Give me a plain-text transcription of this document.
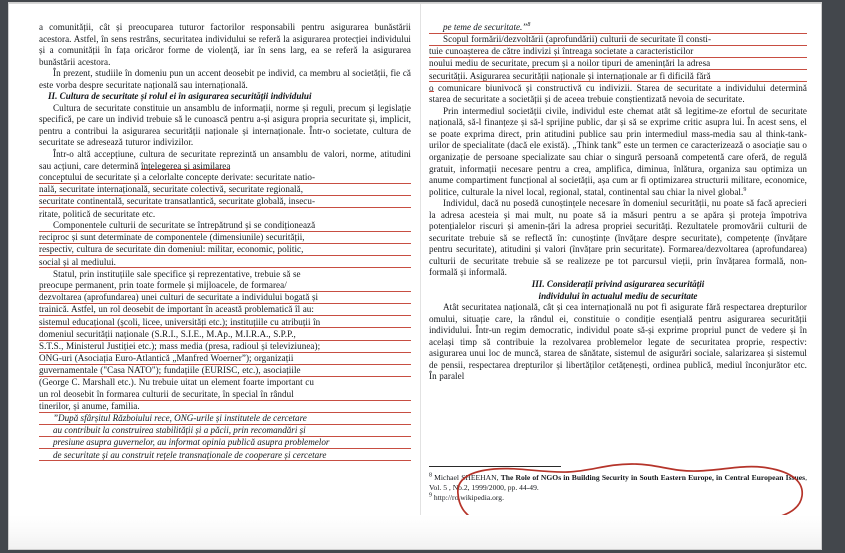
a comunității, cât și preocuparea tuturor factorilor responsabili pentru asigurarea bunăstării acestora. Astfel, în sens restrâns, securitatea individului se referă la asigurarea protecției individului și a comunității în fața oricăror forme de violență, iar în sens larg, ea se referă la asigurarea bunăstării acestora.

În prezent, studiile în domeniu pun un accent deosebit pe individ, ca membru al societății, fie că este vorba despre securitate națională sau internațională.

II. Cultura de securitate și rolul ei în asigurarea securității individului

Cultura de securitate constituie un ansamblu de informații, norme și reguli, precum și legislație specifică, pe care un individ trebuie să le cunoască pentru a-și asigura propria securitate și, implicit, pentru a contribui la asigurarea securității naționale și internaționale. Într-o societate, cultura de securitate se adresează tuturor indivizilor.

Într-o altă accepțiune, cultura de securitate reprezintă un ansamblu de valori, norme, atitudini sau acțiuni, care determină înțelegerea și asimilarea

conceptului de securitate și a celorlalte concepte derivate: securitate natio-

nală, securitate internațională, securitate colectivă, securitate regională,

securitate continentală, securitate transatlantică, securitate globală, insecu-

ritate, politică de securitate etc.

Componentele culturii de securitate se întrepătrund și se condiționează

reciproc și sunt determinate de componentele (dimensiunile) securității,

respectiv, cultura de securitate din domeniul: militar, economic, politic,

social și al mediului.

Statul, prin instituțiile sale specifice și reprezentative, trebuie să se

preocupe permanent, prin toate formele și mijloacele, de formarea/

dezvoltarea (aprofundarea) unei culturi de securitate a individului bogată și

trainică. Astfel, un rol deosebit de important în această problematică îl au:

sistemul educațional (școli, licee, universități etc.); instituțiile cu atribuții în

domeniul securității naționale (S.R.I., S.I.E., M.Ap., M.I.R.A., S.P.P.,

S.T.S., Ministerul Justiției etc.); mass media (presa, radioul și televiziunea);

ONG-uri (Asociația Euro-Atlantică „Manfred Woerner”); organizații

guvernamentale ("Casa NATO"); fundațiile (EURISC, etc.), asociațiile

(George C. Marshall etc.). Nu trebuie uitat un element foarte important cu

un rol deosebit în formarea culturii de securitate, în special în rândul

tinerilor, și anume, familia.

”După sfârșitul Războiului rece, ONG-urile și institutele de cercetare

au contribuit la construirea stabilității și a păcii, prin recomandări și

presiune asupra guvernelor, au informat opinia publică asupra problemelor

de securitate și au construit rețele transnaționale de cooperare și cercetare

pe teme de securitate.”$^8$

Scopul formării/dezvoltării (aprofundării) culturii de securitate îl consti-

tuie cunoașterea de către indivizi și întreaga societate a caracteristicilor

noului mediu de securitate, precum și a noilor tipuri de amenințări la adresa

securității. Asigurarea securității naționale și internaționale ar fi dificilă fără

o comunicare biunivocă și constructivă cu indivizii. Starea de securitate a individului determină starea de securitate a societății și de aceea trebuie conștientizată nevoia de securitate.

Prin intermediul societății civile, individul este chemat atât să legitime-ze efortul de securitate națională, să-l finanțeze și să-l sprijine public, dar și să se exprime critic asupra lui. În acest sens, el se poate exprima direct, prin atitudini publice sau prin intermediul mass-media sau al think-tank-urilor de specialitate (dacă ele există). „Think tank” este un termen ce caracterizează o asociație sau o organizație de persoane specializate sau chiar o singură persoană competentă care oferă, de regulă gratuit, informații necesare pentru a crea, amplifica, diminua, înlătura, organiza sau optimiza un anume compartiment funcțional al societății, așa cum ar fi optimizarea structurii militare, economice, politice, culturale la nivel local, regional, statal, continental sau chiar la nivel global.$^9$

Individul, dacă nu posedă cunoștințele necesare în domeniul securității, nu poate să facă aprecieri la adresa acesteia și mai mult, nu poate să ia măsuri pentru a se apăra și proteja împotriva potențialelor riscuri și amenin-țări la adresa propriei securități. Rezultatele promovării culturii de securitate trebuie să se reflectă în: cunoștințe (învățare despre securitate), competențe (învățare pentru securitate), atitudini și valori (învățare prin securitate). Formarea/dezvoltarea (aprofundarea) culturii de securitate trebuie să se realizeze pe tot parcursul vieții, prin învățarea formală, non-formală și informală.

III. Considerații privind asigurarea securității

individului în actualul mediu de securitate

Atât securitatea națională, cât și cea internațională nu pot fi asigurate fără respectarea drepturilor omului, situație care, la rândul ei, constituie o condiție esențială pentru asigurarea securității individului. Într-un regim democratic, individul poate să-și exprime propriul punct de vedere și în același timp să contribuie la rezolvarea problemelor legate de securitatea proprie, respectiv: asigurarea unui loc de muncă, starea de sănătate, sistemul de asigurări sociale, salarizarea și sistemul de pensii, respectarea drepturilor și libertăților cetățenești, ordinea publică, mediul înconjurător etc. În paralel

$^8$ Michael SHEEHAN, The Role of NGOs in Building Security in South Eastern Europe, in Central European Issues, Vol. 5 , No.2, 1999/2000, pp. 44-49.

$^9$ http://ro.wikipedia.org.
